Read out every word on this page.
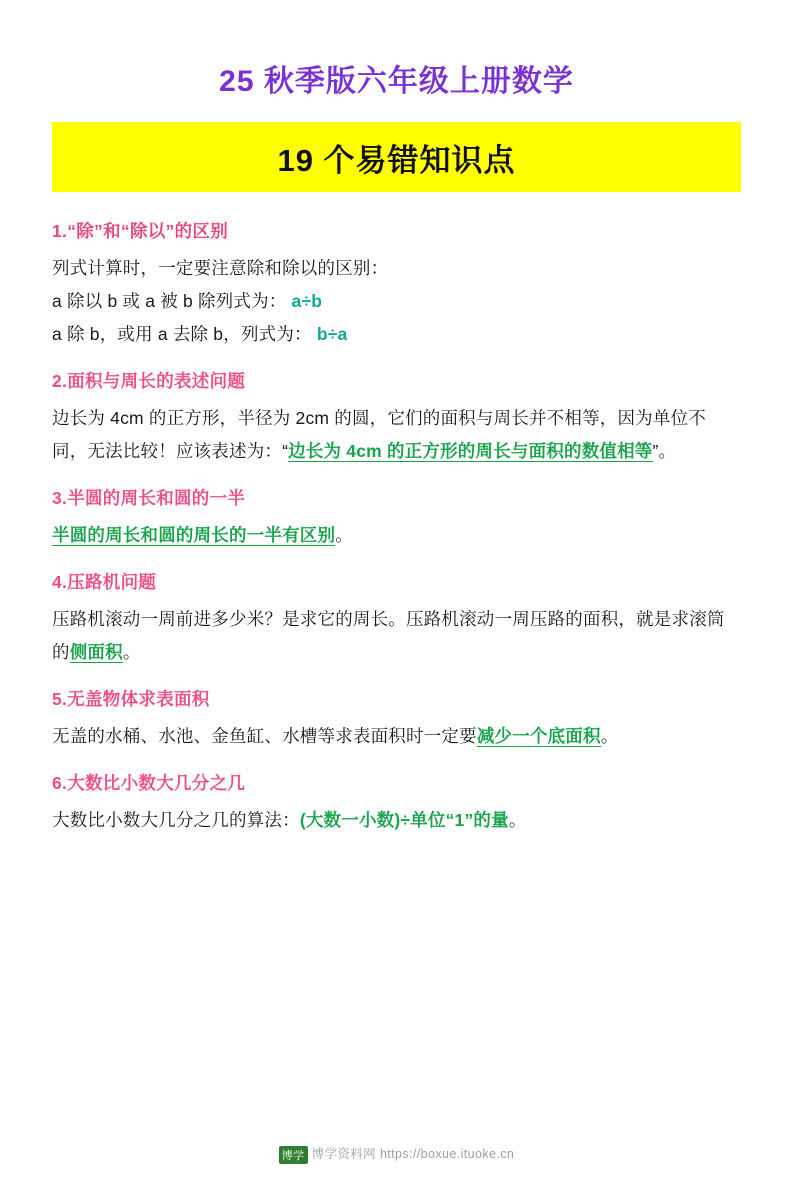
25 秋季版六年级上册数学
19 个易错知识点
1.“除”和“除以”的区别
列式计算时，一定要注意除和除以的区别：
a 除以 b 或 a 被 b 除列式为： a÷b
a 除 b，或用 a 去除 b，列式为： b÷a
2.面积与周长的表述问题
边长为 4cm 的正方形，半径为 2cm 的圆，它们的面积与周长并不相等，因为单位不同，无法比较！应该表述为：“边长为 4cm 的正方形的周长与面积的数值相等”。
3.半圆的周长和圆的一半
半圆的周长和圆的周长的一半有区别。
4.压路机问题
压路机滚动一周前进多少米？是求它的周长。压路机滚动一周压路的面积，就是求滚筒的侧面积。
5.无盖物体求表面积
无盖的水桶、水池、金鱼缸、水槽等求表面积时一定要减少一个底面积。
6.大数比小数大几分之几
大数比小数大几分之几的算法：(大数一小数)÷单位“1”的量。
博学 博学资料网 https://boxue.ituoke.cn
